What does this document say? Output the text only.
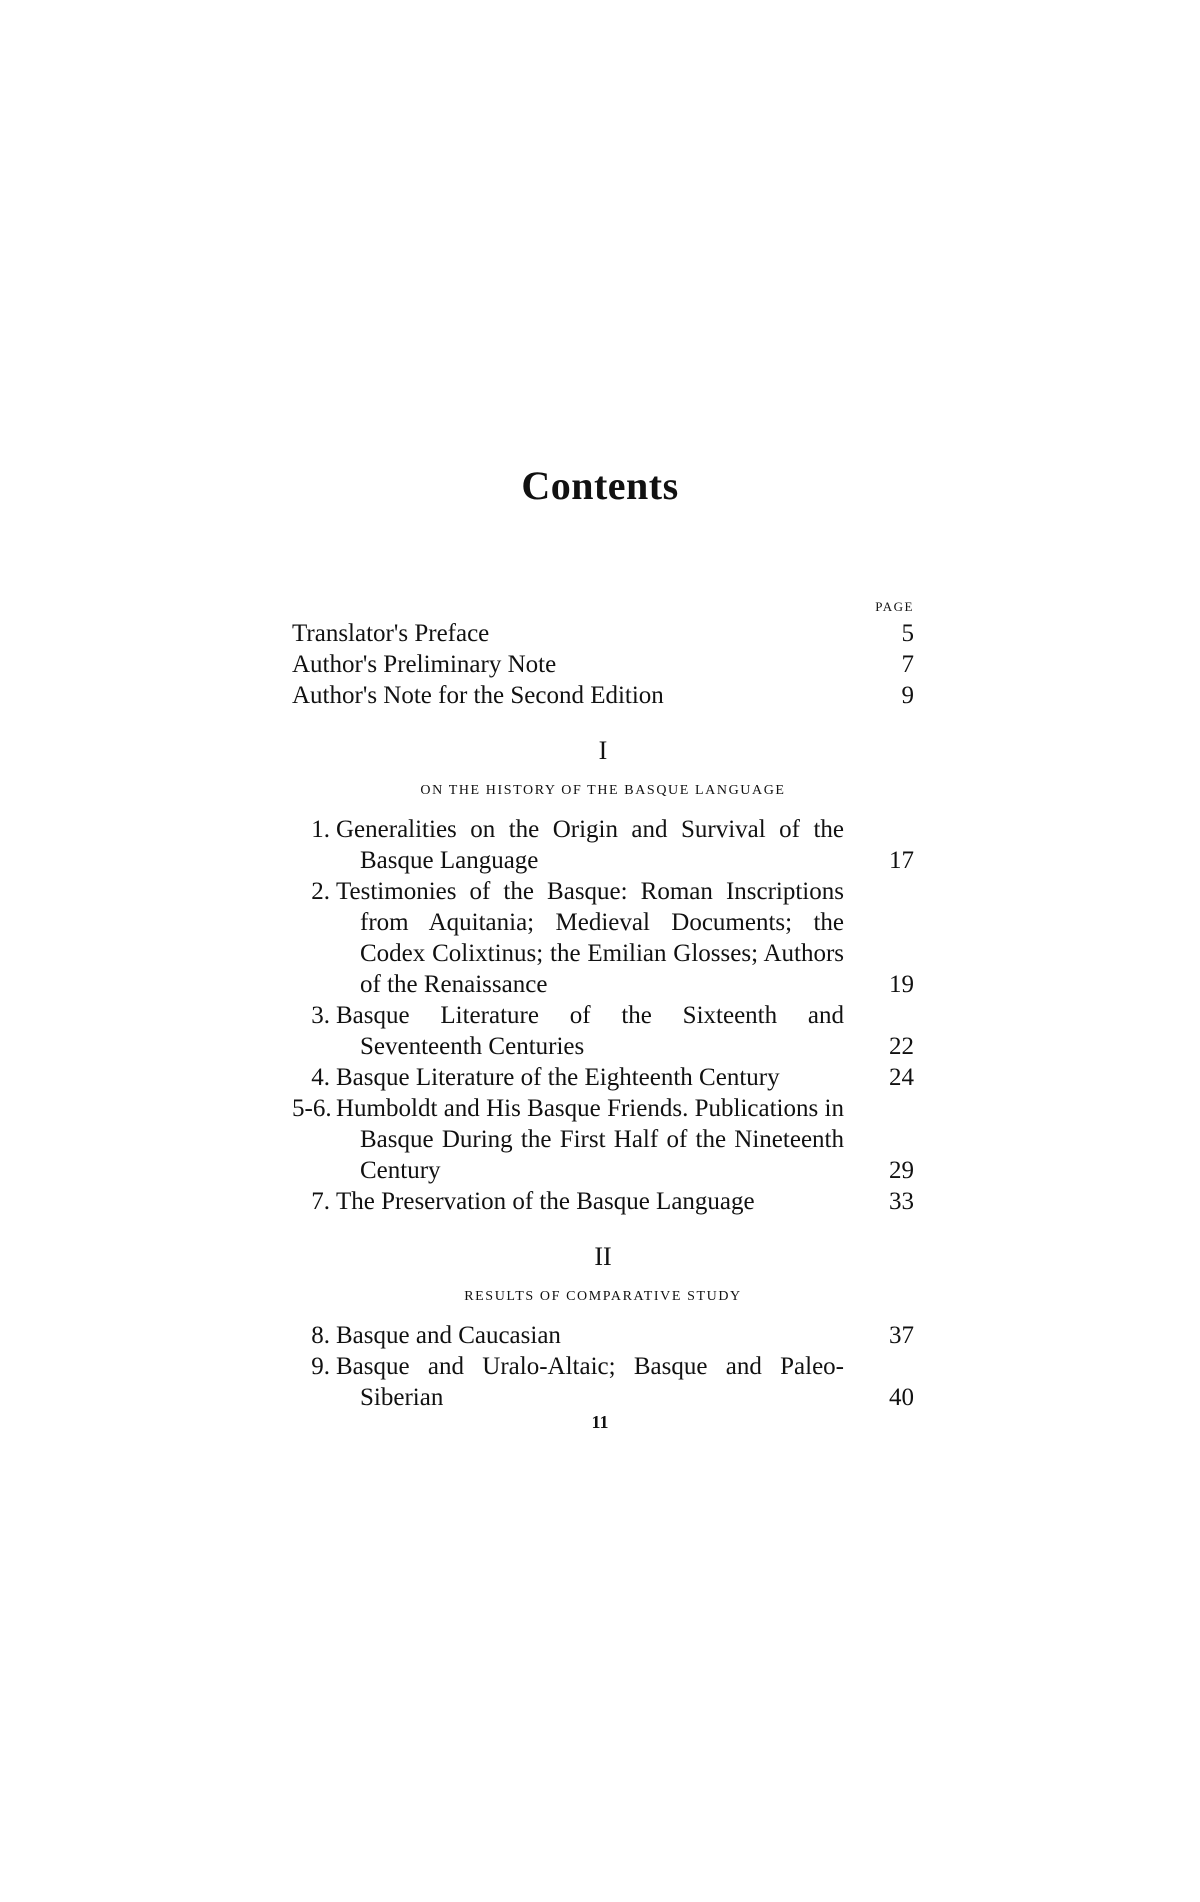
Contents
PAGE
Translator's Preface	5
Author's Preliminary Note	7
Author's Note for the Second Edition	9
I
ON THE HISTORY OF THE BASQUE LANGUAGE
1. Generalities on the Origin and Survival of the Basque Language	17
2. Testimonies of the Basque: Roman Inscriptions from Aquitania; Medieval Documents; the Codex Colixtinus; the Emilian Glosses; Authors of the Renaissance	19
3. Basque Literature of the Sixteenth and Seventeenth Centuries	22
4. Basque Literature of the Eighteenth Century	24
5-6. Humboldt and His Basque Friends. Publications in Basque During the First Half of the Nineteenth Century	29
7. The Preservation of the Basque Language	33
II
RESULTS OF COMPARATIVE STUDY
8. Basque and Caucasian	37
9. Basque and Uralo-Altaic; Basque and Paleo-Siberian	40
11
